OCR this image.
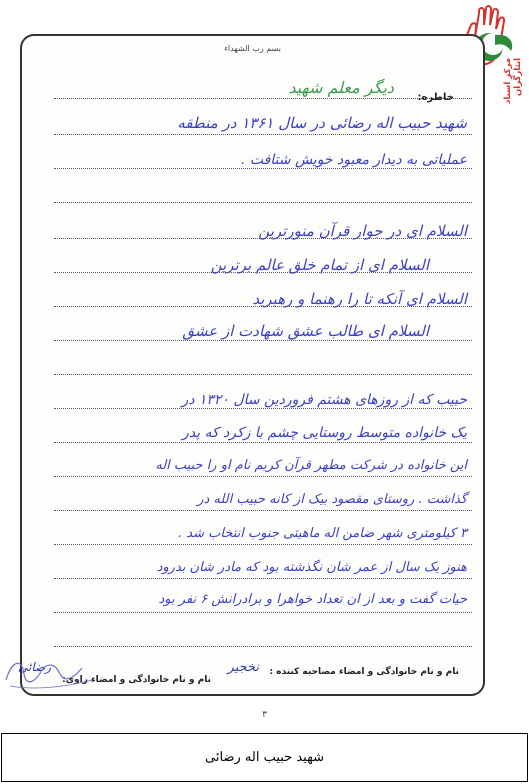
مرکز اسناد ایثارگران
بسم رب الشهداء
خاطره:
دیگر معلم شهید
شهید حبیب اله رضائی در سال ۱۳۶۱ در منطقه
عملیاتی به دیدار معبود خویش شتافت .
السلام ای در جوار قرآن منورترین
السلام ای از تمام خلق عالم برترین
السلام ای آنکه تا را رهنما و رهبرید
السلام ای طالب عشق شهادت از عشق
حبیب که از روزهای هشتم فروردین سال ۱۳۲۰ در
یک خانواده متوسط روستایی چشم با زکرد که پدر
این خانواده در شرکت مطهر قرآن کریم نام او را حبیب اله
گذاشت . روستای مقصود بیک از کانه حبیب الله در
۳ کیلومتری شهر ضامن اله ماهیتی جنوب انتخاب شد .
هنوز یک سال از عمر شان نگذشته بود که مادر شان بدرود
حیات گفت و بعد از ان تعداد خواهرا و برادرانش ۶ نفر بود
نام و نام خانوادگی و امضاء مصاحبه کننده :
نخجیر
نام و نام خانوادگی و امضاء راوی:
رضائی
۳
شهید حبیب اله رضائی
